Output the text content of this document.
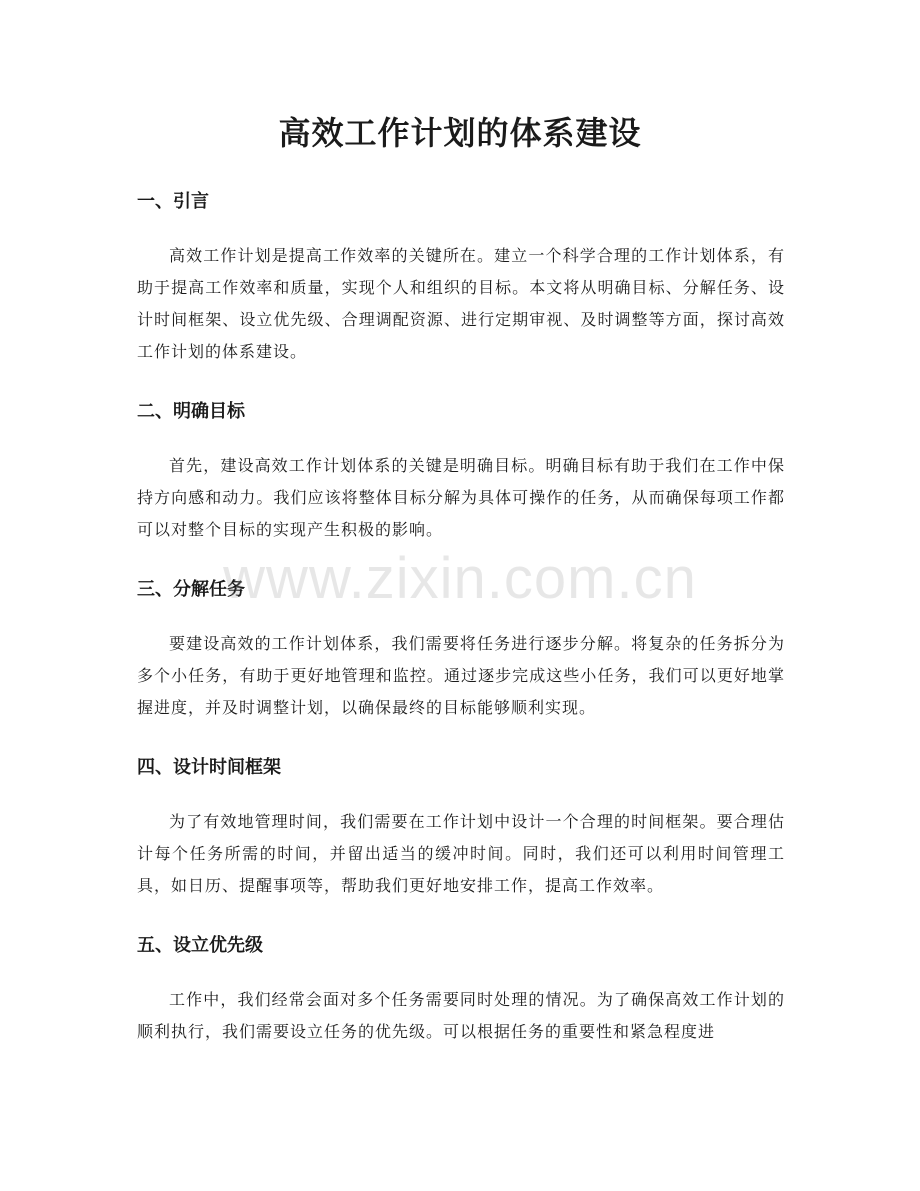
高效工作计划的体系建设
一、引言

高效工作计划是提高工作效率的关键所在。建立一个科学合理的工作计划体系，有助于提高工作效率和质量，实现个人和组织的目标。本文将从明确目标、分解任务、设计时间框架、设立优先级、合理调配资源、进行定期审视、及时调整等方面，探讨高效工作计划的体系建设。

二、明确目标

首先，建设高效工作计划体系的关键是明确目标。明确目标有助于我们在工作中保持方向感和动力。我们应该将整体目标分解为具体可操作的任务，从而确保每项工作都可以对整个目标的实现产生积极的影响。

三、分解任务

要建设高效的工作计划体系，我们需要将任务进行逐步分解。将复杂的任务拆分为多个小任务，有助于更好地管理和监控。通过逐步完成这些小任务，我们可以更好地掌握进度，并及时调整计划，以确保最终的目标能够顺利实现。

四、设计时间框架

为了有效地管理时间，我们需要在工作计划中设计一个合理的时间框架。要合理估计每个任务所需的时间，并留出适当的缓冲时间。同时，我们还可以利用时间管理工具，如日历、提醒事项等，帮助我们更好地安排工作，提高工作效率。

五、设立优先级

工作中，我们经常会面对多个任务需要同时处理的情况。为了确保高效工作计划的顺利执行，我们需要设立任务的优先级。可以根据任务的重要性和紧急程度进

www.zixin.com.cn
